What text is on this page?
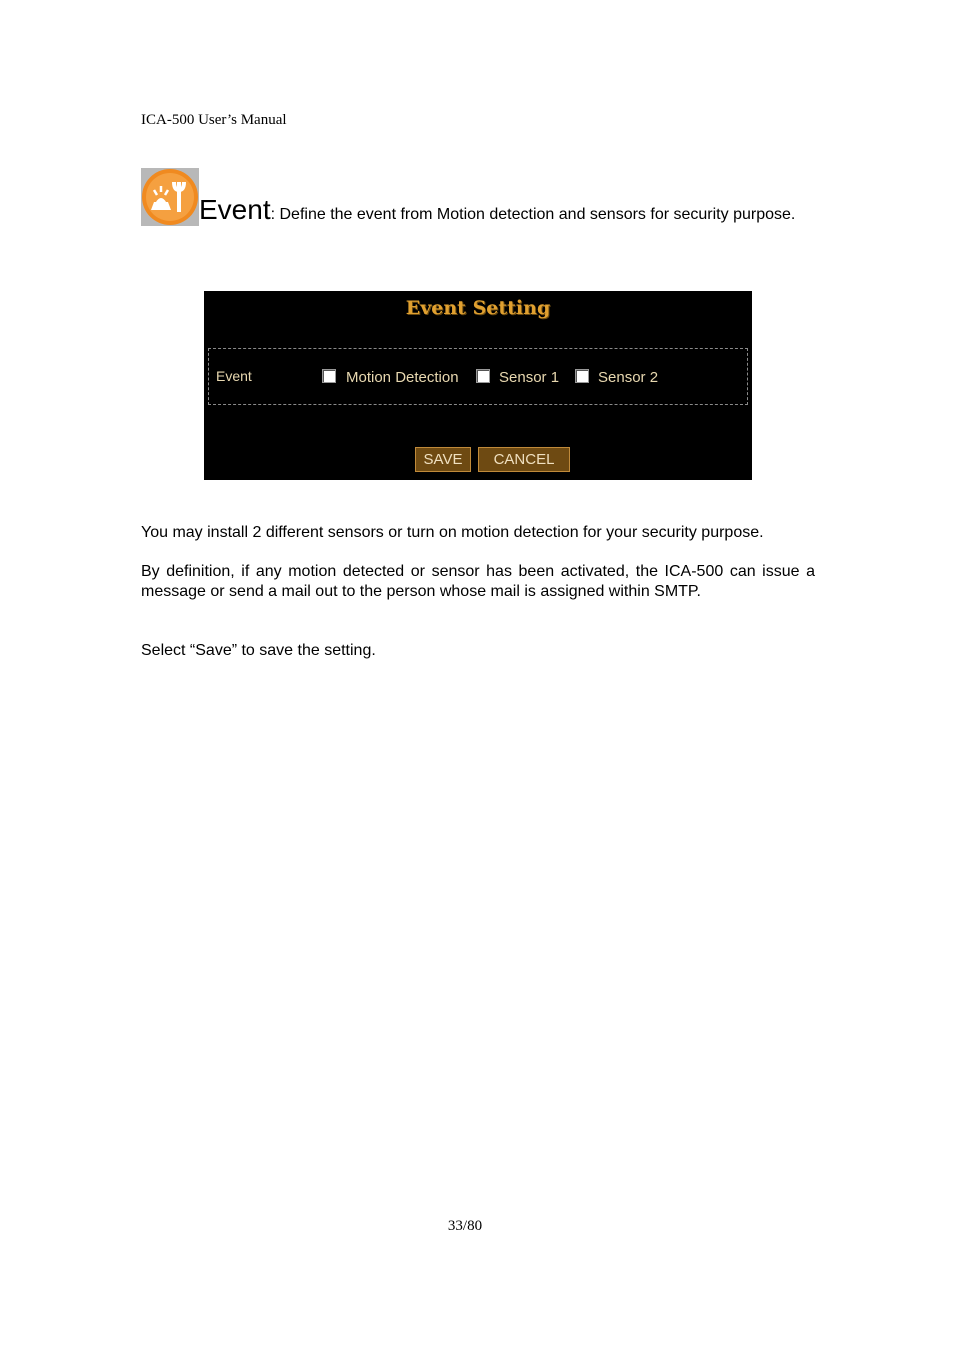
ICA-500 User’s Manual
Event: Define the event from Motion detection and sensors for security purpose.
Event Setting
Event	Motion Detection	Sensor 1	Sensor 2
SAVE	CANCEL
You may install 2 different sensors or turn on motion detection for your security purpose.
By definition, if any motion detected or sensor has been activated, the ICA-500 can issue a message or send a mail out to the person whose mail is assigned within SMTP.
Select “Save” to save the setting.
33/80
